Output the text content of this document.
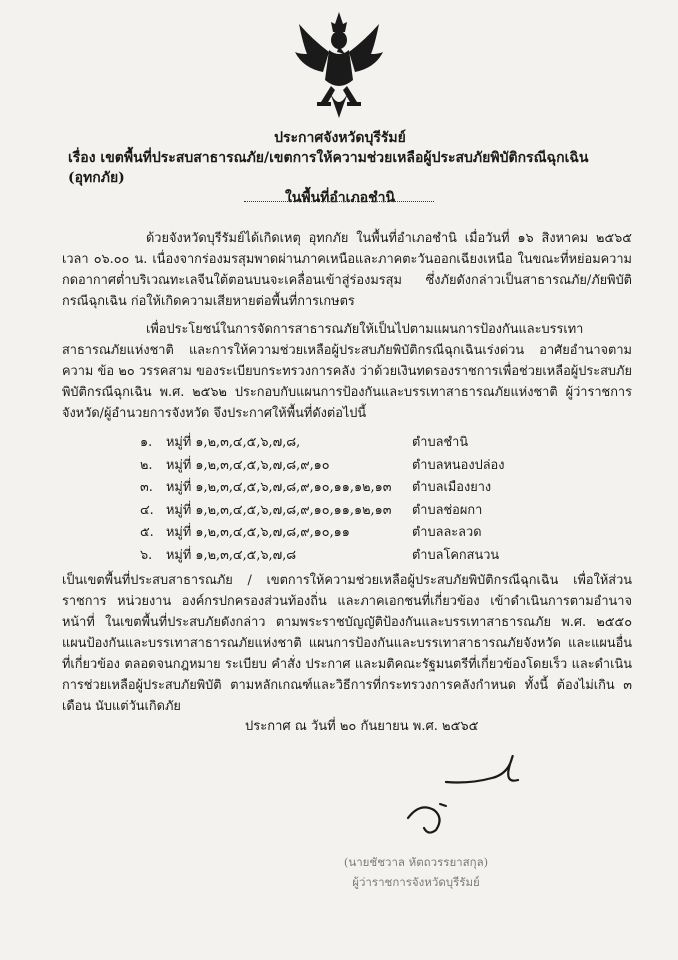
ประกาศจังหวัดบุรีรัมย์
เรื่อง เขตพื้นที่ประสบสาธารณภัย/เขตการให้ความช่วยเหลือผู้ประสบภัยพิบัติกรณีฉุกเฉิน (อุทกภัย)
ในพื้นที่อำเภอชำนิ
ด้วยจังหวัดบุรีรัมย์ได้เกิดเหตุ อุทกภัย ในพื้นที่อำเภอชำนิ เมื่อวันที่ ๑๖ สิงหาคม ๒๕๖๕ เวลา ๐๖.๐๐ น. เนื่องจากร่องมรสุมพาดผ่านภาคเหนือและภาคตะวันออกเฉียงเหนือ ในขณะที่หย่อมความกดอากาศต่ำบริเวณทะเลจีนใต้ตอนบนจะเคลื่อนเข้าสู่ร่องมรสุม ซึ่งภัยดังกล่าวเป็นสาธารณภัย/ภัยพิบัติกรณีฉุกเฉิน ก่อให้เกิดความเสียหายต่อพื้นที่การเกษตร
เพื่อประโยชน์ในการจัดการสาธารณภัยให้เป็นไปตามแผนการป้องกันและบรรเทาสาธารณภัยแห่งชาติ และการให้ความช่วยเหลือผู้ประสบภัยพิบัติกรณีฉุกเฉินเร่งด่วน อาศัยอำนาจตามความ ข้อ ๒๐ วรรคสาม ของระเบียบกระทรวงการคลัง ว่าด้วยเงินทดรองราชการเพื่อช่วยเหลือผู้ประสบภัยพิบัติกรณีฉุกเฉิน พ.ศ. ๒๕๖๒ ประกอบกับแผนการป้องกันและบรรเทาสาธารณภัยแห่งชาติ ผู้ว่าราชการจังหวัด/ผู้อำนวยการจังหวัด จึงประกาศให้พื้นที่ดังต่อไปนี้
๑.	หมู่ที่ ๑,๒,๓,๔,๕,๖,๗,๘,	ตำบลชำนิ
๒.	หมู่ที่ ๑,๒,๓,๔,๕,๖,๗,๘,๙,๑๐	ตำบลหนองปล่อง
๓.	หมู่ที่ ๑,๒,๓,๔,๕,๖,๗,๘,๙,๑๐,๑๑,๑๒,๑๓	ตำบลเมืองยาง
๔. หมู่ที่ ๑,๒,๓,๔,๕,๖,๗,๘,๙,๑๐,๑๑,๑๒,๑๓	ตำบลช่อผกา
๕. หมู่ที่ ๑,๒,๓,๔,๕,๖,๗,๘,๙,๑๐,๑๑	ตำบลละลวด
๖.	หมู่ที่ ๑,๒,๓,๔,๕,๖,๗,๘	ตำบลโคกสนวน
เป็นเขตพื้นที่ประสบสาธารณภัย / เขตการให้ความช่วยเหลือผู้ประสบภัยพิบัติกรณีฉุกเฉิน เพื่อให้ส่วนราชการ หน่วยงาน องค์กรปกครองส่วนท้องถิ่น และภาคเอกชนที่เกี่ยวข้อง เข้าดำเนินการตามอำนาจหน้าที่ ในเขตพื้นที่ประสบภัยดังกล่าว ตามพระราชบัญญัติป้องกันและบรรเทาสาธารณภัย พ.ศ. ๒๕๕๐ แผนป้องกันและบรรเทาสาธารณภัยแห่งชาติ แผนการป้องกันและบรรเทาสาธารณภัยจังหวัด และแผนอื่นที่เกี่ยวข้อง ตลอดจนกฎหมาย ระเบียบ คำสั่ง ประกาศ และมติคณะรัฐมนตรีที่เกี่ยวข้องโดยเร็ว และดำเนินการช่วยเหลือผู้ประสบภัยพิบัติ ตามหลักเกณฑ์และวิธีการที่กระทรวงการคลังกำหนด ทั้งนี้ ต้องไม่เกิน ๓ เดือน นับแต่วันเกิดภัย
ประกาศ ณ วันที่ ๒๐ กันยายน พ.ศ. ๒๕๖๕
(นายชัชวาล หัตถวรรยาสกุล)
ผู้ว่าราชการจังหวัดบุรีรัมย์
